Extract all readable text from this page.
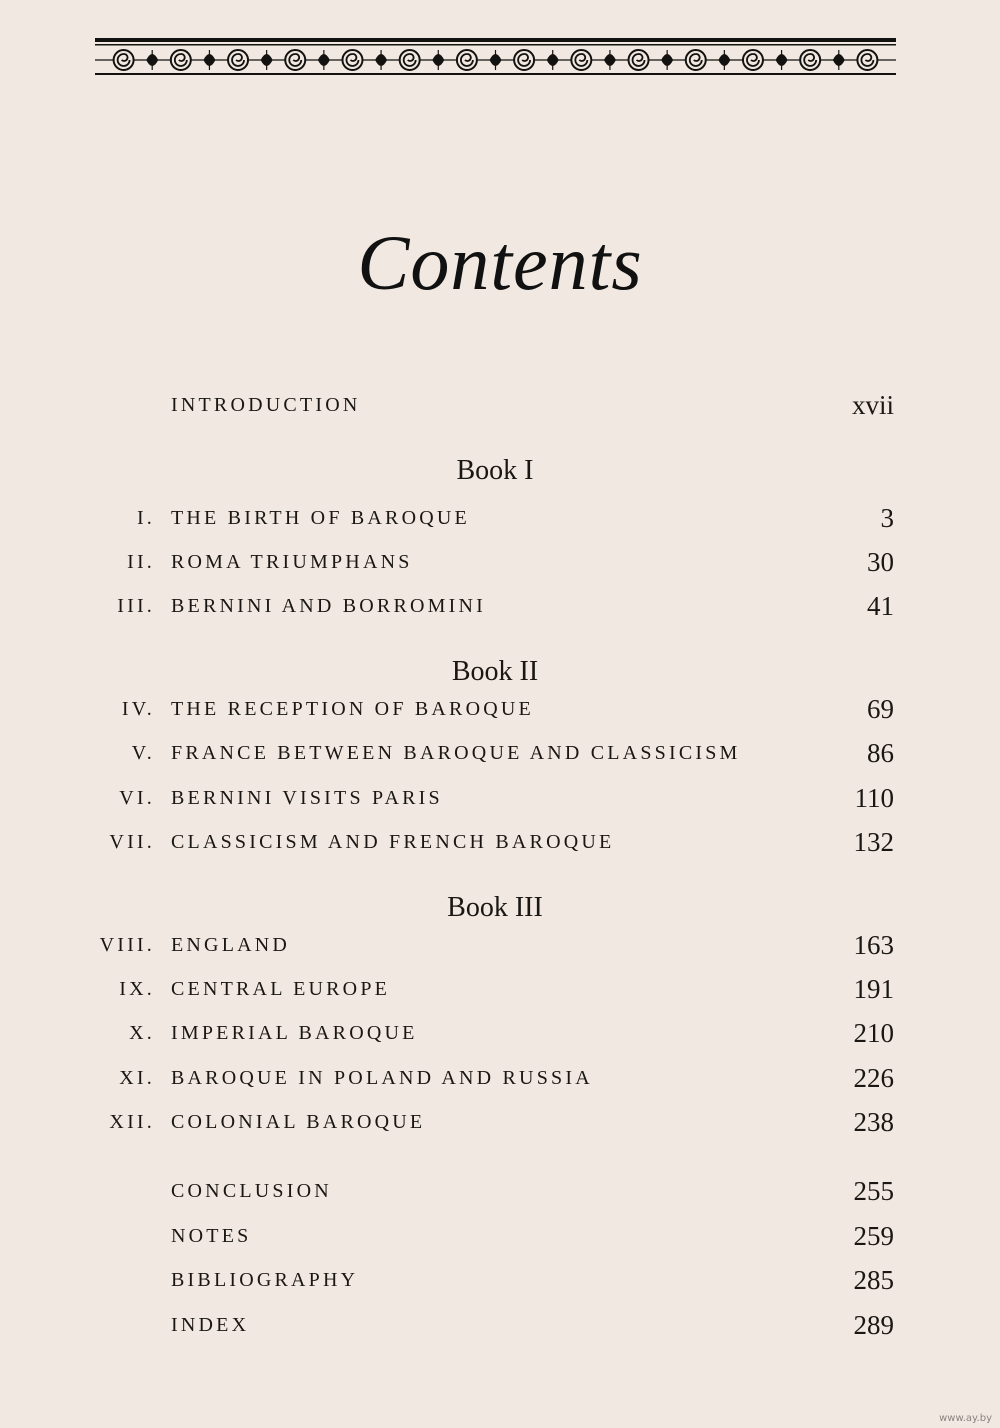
Contents
INTRODUCTION	xvii
Book I
I. THE BIRTH OF BAROQUE	3
II. ROMA TRIUMPHANS	30
III. BERNINI AND BORROMINI	41
Book II
IV. THE RECEPTION OF BAROQUE	69
V. FRANCE BETWEEN BAROQUE AND CLASSICISM	86
VI. BERNINI VISITS PARIS	110
VII. CLASSICISM AND FRENCH BAROQUE	132
Book III
VIII. ENGLAND	163
IX. CENTRAL EUROPE	191
X. IMPERIAL BAROQUE	210
XI. BAROQUE IN POLAND AND RUSSIA	226
XII. COLONIAL BAROQUE	238
CONCLUSION	255
NOTES	259
BIBLIOGRAPHY	285
INDEX	289
www.ay.by
